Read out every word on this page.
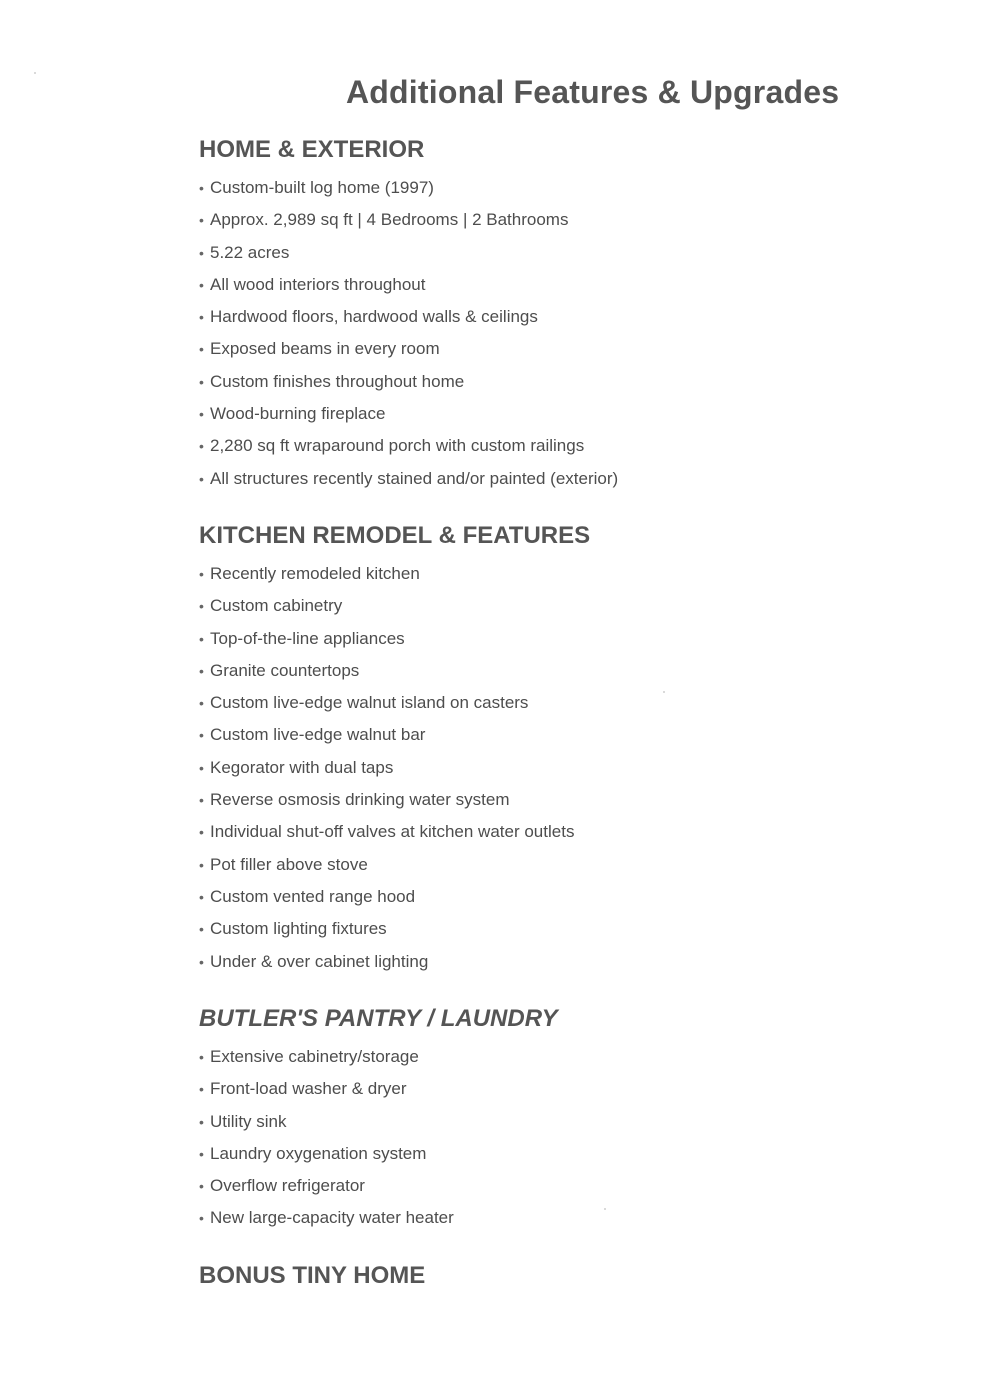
Additional Features & Upgrades
HOME & EXTERIOR
• Custom-built log home (1997)
• Approx. 2,989 sq ft | 4 Bedrooms | 2 Bathrooms
• 5.22 acres
• All wood interiors throughout
• Hardwood floors, hardwood walls & ceilings
• Exposed beams in every room
• Custom finishes throughout home
• Wood-burning fireplace
• 2,280 sq ft wraparound porch with custom railings
• All structures recently stained and/or painted (exterior)
KITCHEN REMODEL & FEATURES
• Recently remodeled kitchen
• Custom cabinetry
• Top-of-the-line appliances
• Granite countertops
• Custom live-edge walnut island on casters
• Custom live-edge walnut bar
• Kegorator with dual taps
• Reverse osmosis drinking water system
• Individual shut-off valves at kitchen water outlets
• Pot filler above stove
• Custom vented range hood
• Custom lighting fixtures
• Under & over cabinet lighting
BUTLER'S PANTRY / LAUNDRY
• Extensive cabinetry/storage
• Front-load washer & dryer
• Utility sink
• Laundry oxygenation system
• Overflow refrigerator
• New large-capacity water heater
BONUS TINY HOME
